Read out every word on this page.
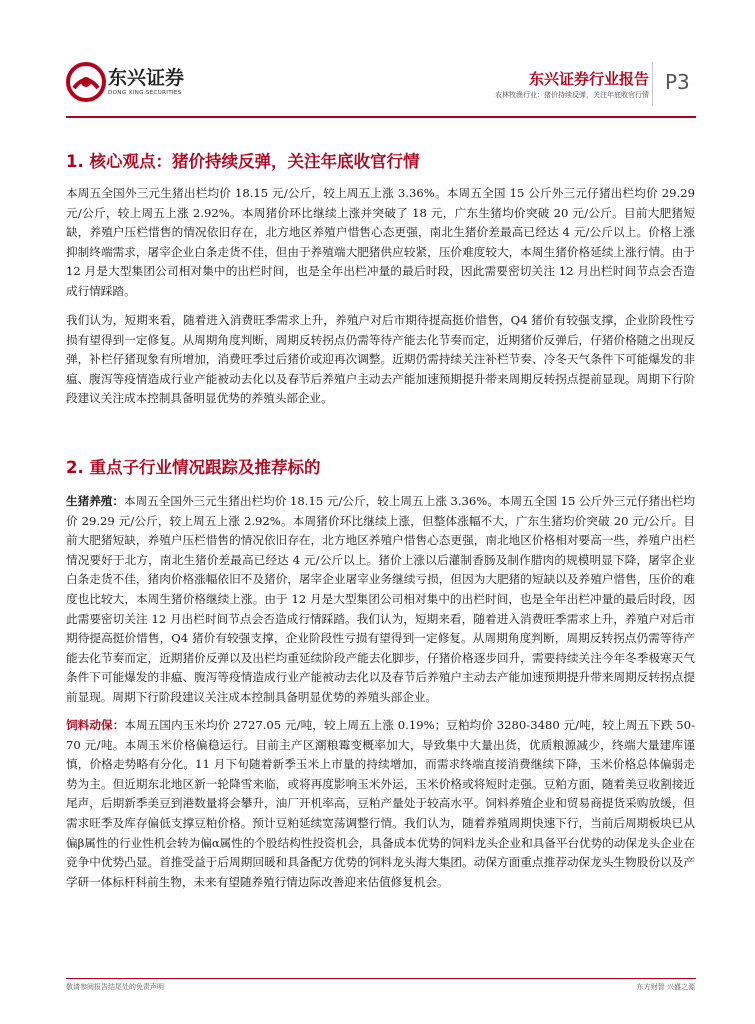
东兴证券
DONG XING SECURITIES
东兴证券行业报告
农林牧渔行业：猪价持续反弹，关注年底收官行情
P3
1. 核心观点：猪价持续反弹，关注年底收官行情

本周五全国外三元生猪出栏均价 18.15 元/公斤，较上周五上涨 3.36%。本周五全国 15 公斤外三元仔猪出栏均价 29.29 元/公斤，较上周五上涨 2.92%。本周猪价环比继续上涨并突破了 18 元，广东生猪均价突破 20 元/公斤。目前大肥猪短缺，养殖户压栏惜售的情况依旧存在，北方地区养殖户惜售心态更强，南北生猪价差最高已经达 4 元/公斤以上。价格上涨抑制终端需求，屠宰企业白条走货不佳，但由于养殖端大肥猪供应较紧，压价难度较大，本周生猪价格延续上涨行情。由于 12 月是大型集团公司相对集中的出栏时间，也是全年出栏冲量的最后时段，因此需要密切关注 12 月出栏时间节点会否造成行情踩踏。

我们认为，短期来看，随着进入消费旺季需求上升，养殖户对后市期待提高挺价惜售，Q4 猪价有较强支撑，企业阶段性亏损有望得到一定修复。从周期角度判断，周期反转拐点仍需等待产能去化节奏而定，近期猪价反弹后，仔猪价格随之出现反弹，补栏仔猪现象有所增加，消费旺季过后猪价或迎再次调整。近期仍需持续关注补栏节奏、冷冬天气条件下可能爆发的非瘟、腹泻等疫情造成行业产能被动去化以及春节后养殖户主动去产能加速预期提升带来周期反转拐点提前显现。周期下行阶段建议关注成本控制具备明显优势的养殖头部企业。

2. 重点子行业情况跟踪及推荐标的

生猪养殖：本周五全国外三元生猪出栏均价 18.15 元/公斤，较上周五上涨 3.36%。本周五全国 15 公斤外三元仔猪出栏均价 29.29 元/公斤，较上周五上涨 2.92%。本周猪价环比继续上涨，但整体涨幅不大，广东生猪均价突破 20 元/公斤。目前大肥猪短缺，养殖户压栏惜售的情况依旧存在，北方地区养殖户惜售心态更强，南北地区价格相对要高一些，养殖户出栏情况要好于北方，南北生猪价差最高已经达 4 元/公斤以上。猪价上涨以后灌制香肠及制作腊肉的规模明显下降，屠宰企业白条走货不佳，猪肉价格涨幅依旧不及猪价，屠宰企业屠宰业务继续亏损，但因为大肥猪的短缺以及养殖户惜售，压价的难度也比较大，本周生猪价格继续上涨。由于 12 月是大型集团公司相对集中的出栏时间，也是全年出栏冲量的最后时段，因此需要密切关注 12 月出栏时间节点会否造成行情踩踏。我们认为，短期来看，随着进入消费旺季需求上升，养殖户对后市期待提高挺价惜售，Q4 猪价有较强支撑，企业阶段性亏损有望得到一定修复。从周期角度判断，周期反转拐点仍需等待产能去化节奏而定，近期猪价反弹以及出栏均重延续阶段产能去化脚步，仔猪价格逐步回升，需要持续关注今年冬季极寒天气条件下可能爆发的非瘟、腹泻等疫情造成行业产能被动去化以及春节后养殖户主动去产能加速预期提升带来周期反转拐点提前显现。周期下行阶段建议关注成本控制具备明显优势的养殖头部企业。

饲料动保：本周五国内玉米均价 2727.05 元/吨，较上周五上涨 0.19%；豆粕均价 3280-3480 元/吨，较上周五下跌 50-70 元/吨。本周玉米价格偏稳运行。目前主产区潮粮霉变概率加大，导致集中大量出货，优质粮源减少，终端大量建库谨慎，价格走势略有分化。11 月下旬随着新季玉米上市量的持续增加，而需求终端直接消费继续下降，玉米价格总体偏弱走势为主。但近期东北地区新一轮降雪来临，或将再度影响玉米外运，玉米价格或将短时走强。豆粕方面，随着美豆收割接近尾声，后期新季美豆到港数量将会攀升，油厂开机率高，豆粕产量处于较高水平。饲料养殖企业和贸易商提货采购放缓，但需求旺季及库存偏低支撑豆粕价格。预计豆粕延续宽荡调整行情。我们认为，随着养殖周期快速下行，当前后周期板块已从偏β属性的行业性机会转为偏α属性的个股结构性投资机会，具备成本优势的饲料龙头企业和具备平台优势的动保龙头企业在竞争中优势凸显。首推受益于后周期回暖和具备配方优势的饲料龙头海大集团。动保方面重点推荐动保龙头生物股份以及产学研一体标杆科前生物，未来有望随养殖行情边际改善迎来估值修复机会。

敬请参阅报告结尾处的免责声明	东方财智 兴盛之源
